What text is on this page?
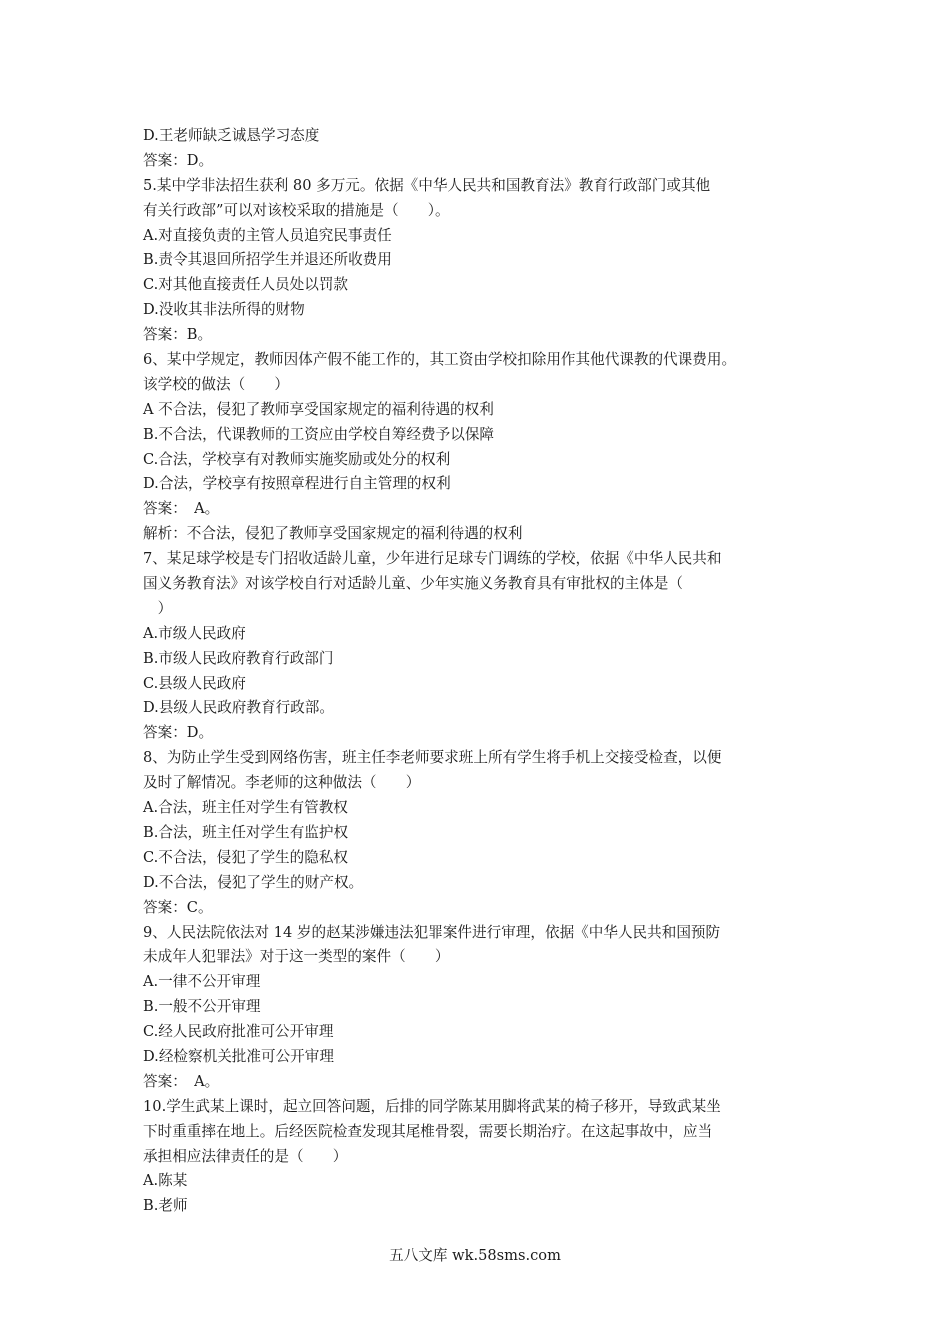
D.王老师缺乏诚恳学习态度
答案：D。
5.某中学非法招生获利 80 多万元。依据《中华人民共和国教育法》教育行政部门或其他
有关行政部”可以对该校采取的措施是（　　）。
A.对直接负责的主管人员追究民事责任
B.责令其退回所招学生并退还所收费用
C.对其他直接责任人员处以罚款
D.没收其非法所得的财物
答案：B。
6、某中学规定，教师因体产假不能工作的，其工资由学校扣除用作其他代课教的代课费用。
该学校的做法（　　）
A 不合法，侵犯了教师享受国家规定的福利待遇的权利
B.不合法，代课教师的工资应由学校自筹经费予以保障
C.合法，学校享有对教师实施奖励或处分的权利
D.合法，学校享有按照章程进行自主管理的权利
答案：　A。
解析：不合法，侵犯了教师享受国家规定的福利待遇的权利
7、某足球学校是专门招收适龄儿童，少年进行足球专门调练的学校，依据《中华人民共和
国义务教育法》对该学校自行对适龄儿童、少年实施义务教育具有审批权的主体是（
　）
A.市级人民政府
B.市级人民政府教育行政部门
C.县级人民政府
D.县级人民政府教育行政部。
答案：D。
8、为防止学生受到网络伤害，班主任李老师要求班上所有学生将手机上交接受检查，以便
及时了解情况。李老师的这种做法（　　）
A.合法，班主任对学生有管教权
B.合法，班主任对学生有监护权
C.不合法，侵犯了学生的隐私权
D.不合法，侵犯了学生的财产权。
答案：C。
9、人民法院依法对 14 岁的赵某涉嫌违法犯罪案件进行审理，依据《中华人民共和国预防
未成年人犯罪法》对于这一类型的案件（　　）
A.一律不公开审理
B.一般不公开审理
C.经人民政府批准可公开审理
D.经检察机关批准可公开审理
答案：　A。
10.学生武某上课时，起立回答问题，后排的同学陈某用脚将武某的椅子移开，导致武某坐
下时重重摔在地上。后经医院检查发现其尾椎骨裂，需要长期治疗。在这起事故中，应当
承担相应法律责任的是（　　）
A.陈某
B.老师
五八文库 wk.58sms.com
